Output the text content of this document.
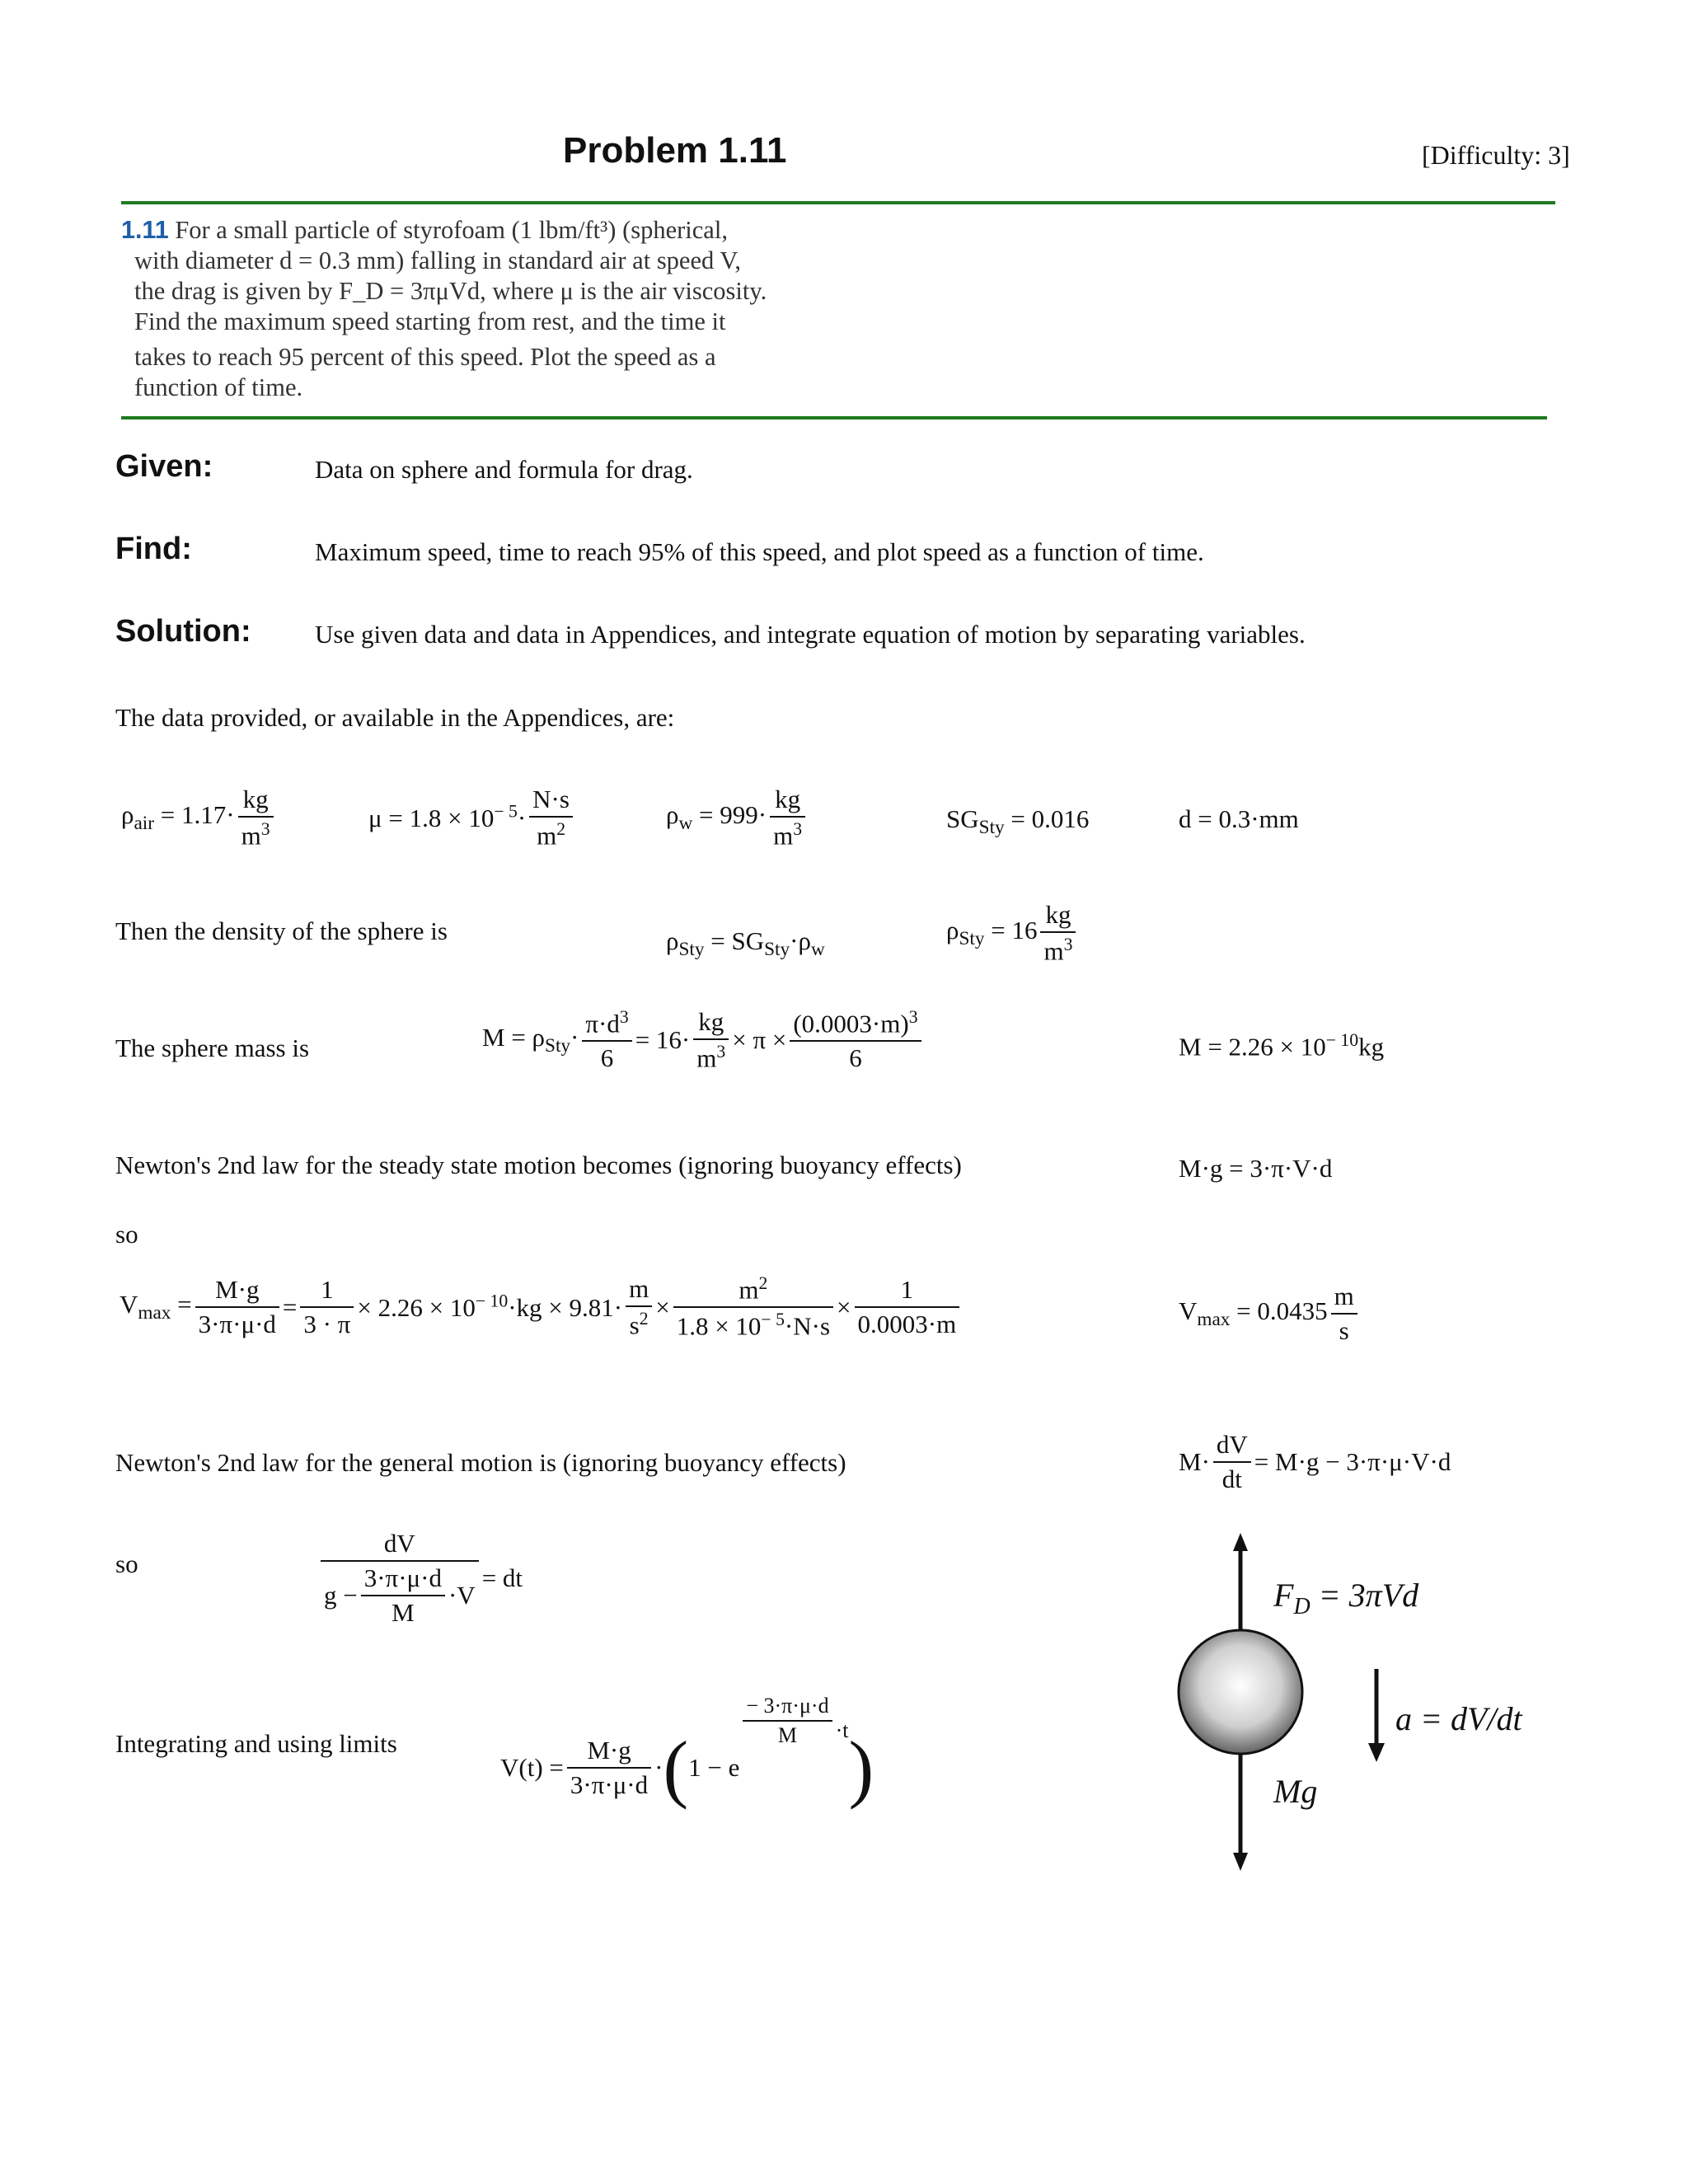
Problem 1.11	[Difficulty: 3]
1.11 For a small particle of styrofoam (1 lbm/ft³) (spherical,
with diameter d = 0.3 mm) falling in standard air at speed V,
the drag is given by F_D = 3πμVd, where μ is the air viscosity.
Find the maximum speed starting from rest, and the time it
takes to reach 95 percent of this speed. Plot the speed as a
function of time.
Given:	Data on sphere and formula for drag.
Find:	Maximum speed, time to reach 95% of this speed, and plot speed as a function of time.
Solution: Use given data and data in Appendices, and integrate equation of motion by separating variables.
The data provided, or available in the Appendices, are:
$\rho_{air} = 1.17\cdot \frac{kg}{m^3}$	$\mu = 1.8 \times 10^{- 5}\cdot \frac{N\cdot s}{m^2}$	$\rho_w = 999\cdot \frac{kg}{m^3}$	$SG_{Sty} = 0.016$	d = 0.3·mm
Then the density of the sphere is	$\rho_{Sty} = SG_{Sty}\cdot\rho_w$
$\rho_{Sty} = 16 \frac{kg}{m^3}$
The sphere mass is	$M = \rho_{Sty}\cdot \frac{\pi\cdot d^3}{6} = 16\cdot \frac{kg}{m^3} \times \pi \times \frac{(0.0003\cdot m)^3}{6}$	$M = 2.26 \times 10^{- 10}kg$
Newton's 2nd law for the steady state motion becomes (ignoring buoyancy effects)	M·g = 3·π·V·d
so
$V_{max} = \frac{M\cdot g}{3\cdot\pi\cdot\mu\cdot d} = \frac{1}{3 \cdot \pi} \times 2.26 \times 10^{- 10}\cdot kg \times 9.81\cdot \frac{m}{s^2} \times \frac{m^2}{1.8 \times 10^{- 5}\cdot N\cdot s} \times \frac{1}{0.0003\cdot m}$	$V_{max} = 0.0435 \frac{m}{s}$
Newton's 2nd law for the general motion is (ignoring buoyancy effects)	$M\cdot \frac{dV}{dt} = M\cdot g - 3\cdot\pi\cdot\mu\cdot V\cdot d$
so	$\frac{dV}{g - \frac{3\cdot\pi\cdot\mu\cdot d}{M} \cdot V}$ = dt
Integrating and using limits
$V(t) = \frac{M\cdot g}{3\cdot\pi\cdot\mu\cdot d} \cdot(1 - e$
$\frac{- 3\cdot\pi\cdot\mu\cdot d}{M} ^{\cdot t}$)
$F_D = 3\pi Vd$
a = dV/dt
Mg
